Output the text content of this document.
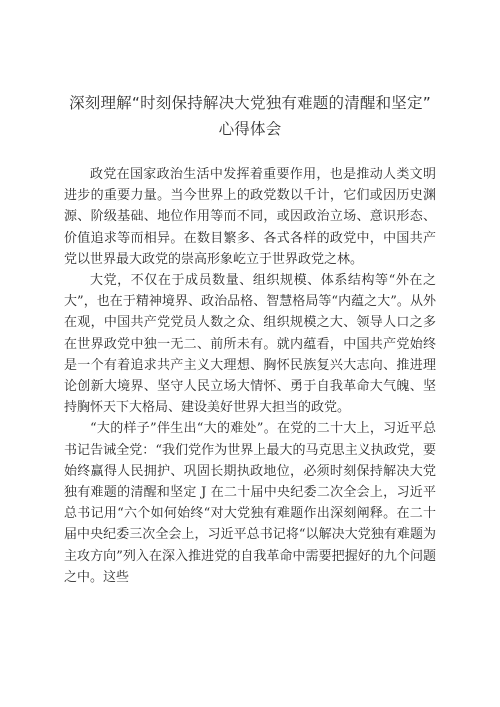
深刻理解“时刻保持解决大党独有难题的清醒和坚定”
心得体会

政党在国家政治生活中发挥着重要作用，也是推动人类文明进步的重要力量。当今世界上的政党数以千计，它们或因历史渊源、阶级基础、地位作用等而不同，或因政治立场、意识形态、价值追求等而相异。在数目繁多、各式各样的政党中，中国共产党以世界最大政党的崇高形象屹立于世界政党之林。

大党，不仅在于成员数量、组织规模、体系结构等“外在之大”，也在于精神境界、政治品格、智慧格局等“内蕴之大”。从外在观，中国共产党党员人数之众、组织规模之大、领导人口之多在世界政党中独一无二、前所未有。就内蕴看，中国共产党始终是一个有着追求共产主义大理想、胸怀民族复兴大志向、推进理论创新大境界、坚守人民立场大情怀、勇于自我革命大气魄、坚持胸怀天下大格局、建设美好世界大担当的政党。

“大的样子”伴生出“大的难处”。在党的二十大上，习近平总书记告诫全党：“我们党作为世界上最大的马克思主义执政党，要始终赢得人民拥护、巩固长期执政地位，必须时刻保持解决大党独有难题的清醒和坚定 J 在二十届中央纪委二次全会上，习近平总书记用“六个如何始终“对大党独有难题作出深刻阐释。在二十届中央纪委三次全会上，习近平总书记将“以解决大党独有难题为主攻方向”列入在深入推进党的自我革命中需要把握好的九个问题之中。这些
